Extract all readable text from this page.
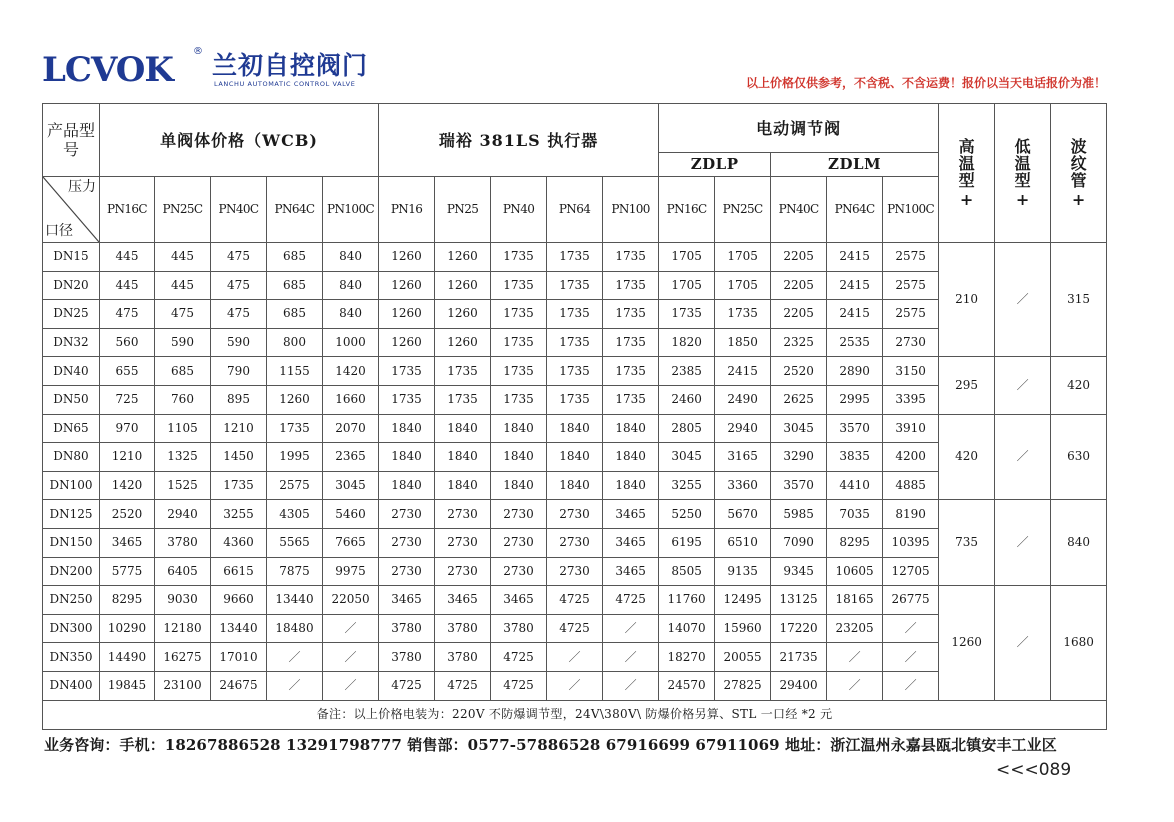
LCVOK ® 兰初自控阀门
LANCHU AUTOMATIC CONTROL VALVE	以上价格仅供参考，不含税、不含运费！报价以当天电话报价为准！
产品型号	单阀体价格（WCB)					瑞裕 381LS 执行器					电动调节阀					高
温
型
+	低
温
型
+	波
纹
管
+

											ZDLP		ZDLM					

压力
口径	PN16C	PN25C	PN40C	PN64C	PN100C	PN16	PN25	PN40	PN64	PN100	PN16C	PN25C	PN40C	PN64C	PN100C			
DN15	445	445	475	685	840	1260	1260	1735	1735	1735	1705	1705	2205	2415	2575	210	／	315
DN20	445	445	475	685	840	1260	1260	1735	1735	1735	1705	1705	2205	2415	2575			
DN25	475	475	475	685	840	1260	1260	1735	1735	1735	1735	1735	2205	2415	2575			
DN32	560	590	590	800	1000	1260	1260	1735	1735	1735	1820	1850	2325	2535	2730			
DN40	655	685	790	1155	1420	1735	1735	1735	1735	1735	2385	2415	2520	2890	3150	295	／	420
DN50	725	760	895	1260	1660	1735	1735	1735	1735	1735	2460	2490	2625	2995	3395			
DN65	970	1105	1210	1735	2070	1840	1840	1840	1840	1840	2805	2940	3045	3570	3910	420	／	630
DN80	1210	1325	1450	1995	2365	1840	1840	1840	1840	1840	3045	3165	3290	3835	4200			
DN100	1420	1525	1735	2575	3045	1840	1840	1840	1840	1840	3255	3360	3570	4410	4885			
DN125	2520	2940	3255	4305	5460	2730	2730	2730	2730	3465	5250	5670	5985	7035	8190	735	／	840
DN150	3465	3780	4360	5565	7665	2730	2730	2730	2730	3465	6195	6510	7090	8295	10395			
DN200	5775	6405	6615	7875	9975	2730	2730	2730	2730	3465	8505	9135	9345	10605	12705			
DN250	8295	9030	9660	13440	22050	3465	3465	3465	4725	4725	11760	12495	13125	18165	26775	1260	／	1680
DN300	10290	12180	13440	18480	／	3780	3780	3780	4725	／	14070	15960	17220	23205	／			
DN350	14490	16275	17010	／	／	3780	3780	4725	／	／	18270	20055	21735	／	／			
DN400	19845	23100	24675	／	／	4725	4725	4725	／	／	24570	27825	29400	／	／			
备注：以上价格电装为：220V 不防爆调节型，24V\380V\ 防爆价格另算、STL 一口经 *2 元																		
业务咨询：手机：18267886528 13291798777 销售部：0577-57886528 67916699 67911069 地址：浙江温州永嘉县瓯北镇安丰工业区
<<<089
